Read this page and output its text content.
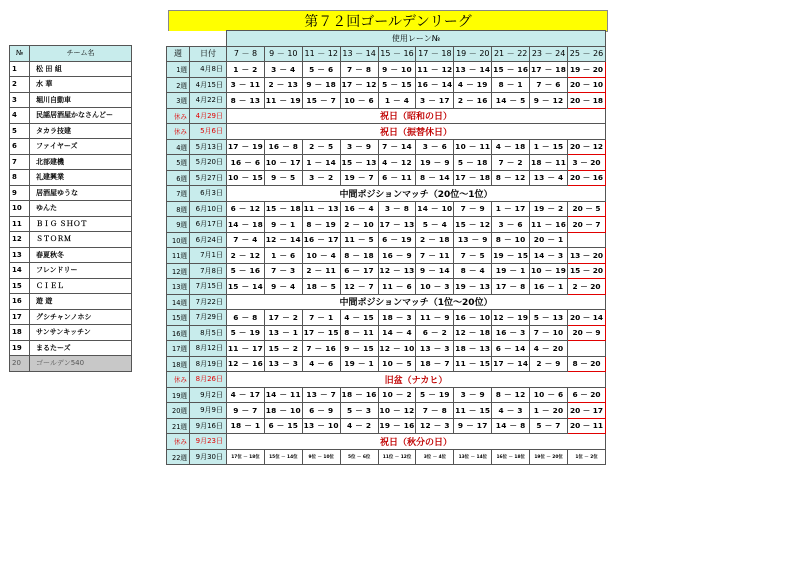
第７２回ゴールデンリーグ
№	チーム名
1	松 田 組
2	水 華
3	堀川自動車
4	民謡居酒屋かなさんどー
5	タカラ技建
6	ファイヤーズ
7	北部建機
8	礼建興業
9	居酒屋ゆうな
10	ゆんた
11	ＢＩＧ ＳＨＯＴ
12	ＳＴＯＲＭ
13	春夏秋冬
14	フレンドリー
15	ＣＩＥＬ
16	遊 遊
17	グシチャンノホシ
18	サンサンキッチン
19	まるたーズ
20	ゴールデン540
		使用レーン№									
週	日付	7 － 8	9 － 10	11 － 12	13 － 14	15 － 16	17 － 18	19 － 20	21 － 22	23 － 24	25 － 26
1週	4月8日	1 － 2	3 － 4	5 － 6	7 － 8	9 － 10	11 － 12	13 － 14	15 － 16	17 － 18	19 － 20
2週	4月15日	3 － 11	2 － 13	9 － 18	17 － 12	5 － 15	16 － 14	4 － 19	8 － 1	7 － 6	20 － 10
3週	4月22日	8 － 13	11 － 19	15 － 7	10 － 6	1 － 4	3 － 17	2 － 16	14 － 5	9 － 12	20 － 18
休み	4月29日	祝日（昭和の日）									
休み	5月6日	祝日（振替休日）									
4週	5月13日	17 － 19	16 － 8	2 － 5	3 － 9	7 － 14	3 － 6	10 － 11	4 － 18	1 － 15	20 － 12
5週	5月20日	16 － 6	10 － 17	1 － 14	15 － 13	4 － 12	19 － 9	5 － 18	7 － 2	18 － 11	3 － 20
6週	5月27日	10 － 15	9 － 5	3 － 2	19 － 7	6 － 11	8 － 14	17 － 18	8 － 12	13 － 4	20 － 16
7週	6月3日	中間ポジションマッチ（20位～1位）									
8週	6月10日	6 － 12	15 － 18	11 － 13	16 － 4	3 － 8	14 － 10	7 － 9	1 － 17	19 － 2	20 － 5
9週	6月17日	14 － 18	9 － 1	8 － 19	2 － 10	17 － 13	5 － 4	15 － 12	3 － 6	11 － 16	20 － 7
10週	6月24日	7 － 4	12 － 14	16 － 17	11 － 5	6 － 19	2 － 18	13 － 9	8 － 10	20 － 1	
11週	7月1日	2 － 12	1 － 6	10 － 4	8 － 18	16 － 9	7 － 11	7 － 5	19 － 15	14 － 3	13 － 20
12週	7月8日	5 － 16	7 － 3	2 － 11	6 － 17	12 － 13	9 － 14	8 － 4	19 － 1	10 － 19	15 － 20
13週	7月15日	15 － 14	9 － 4	18 － 5	12 － 7	11 － 6	10 － 3	19 － 13	17 － 8	16 － 1	2 － 20
14週	7月22日	中間ポジションマッチ（1位～20位）									
15週	7月29日	6 － 8	17 － 2	7 － 1	4 － 15	18 － 3	11 － 9	16 － 10	12 － 19	5 － 13	20 － 14
16週	8月5日	5 － 19	13 － 1	17 － 15	8 － 11	14 － 4	6 － 2	12 － 18	16 － 3	7 － 10	20 － 9
17週	8月12日	11 － 17	15 － 2	7 － 16	9 － 15	12 － 10	13 － 3	18 － 13	6 － 14	4 － 20	
18週	8月19日	12 － 16	13 － 3	4 － 6	19 － 1	10 － 5	18 － 7	11 － 15	17 － 14	2 － 9	8 － 20
休み	8月26日	旧盆（ナカヒ）									
19週	9月2日	4 － 17	14 － 11	13 － 7	18 － 16	10 － 2	5 － 19	3 － 9	8 － 12	10 － 6	6 － 20
20週	9月9日	9 － 7	18 － 10	6 － 9	5 － 3	10 － 12	7 － 8	11 － 15	4 － 3	1 － 20	20 － 17
21週	9月16日	18 － 1	6 － 15	13 － 10	4 － 2	19 － 16	12 － 3	9 － 17	14 － 8	5 － 7	20 － 11
休み	9月23日	祝日（秋分の日）									
22週	9月30日	17位 － 18位	15位 － 14位	9位 － 10位	5位 － 6位	11位 － 12位	3位 － 4位	13位 － 14位	16位 － 18位	19位 － 20位	1位 － 2位
